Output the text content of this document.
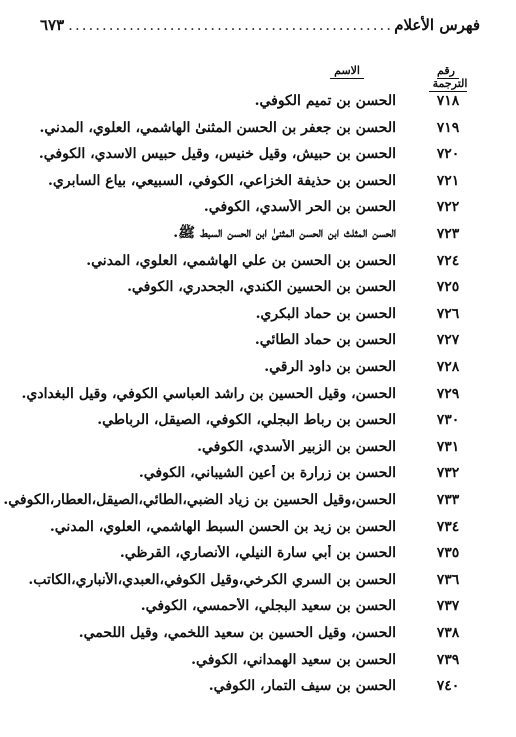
فهرس الأعلام
.....
٦٧٣
رقم الترجمة
الاسم
٧١٨
الحسن بن تميم الكوفي.
٧١٩
الحسن بن جعفر بن الحسن المثنىٰ الهاشمي، العلوي، المدني.
٧٢٠
الحسن بن حبيش، وقيل خنيس، وقيل حبيس الاسدي، الكوفي.
٧٢١
الحسن بن حذيفة الخزاعي، الكوفي، السبيعي، بياع السابري.
٧٢٢
الحسن بن الحر الأسدي، الكوفي.
٧٢٣
الحسن المثلث ابن الحسن المثنىٰ ابن الحسن السبط ﷺ.
٧٢٤
الحسن بن الحسن بن علي الهاشمي، العلوي، المدني.
٧٢٥
الحسن بن الحسين الكندي، الجحدري، الكوفي.
٧٢٦
الحسن بن حماد البكري.
٧٢٧
الحسن بن حماد الطائي.
٧٢٨
الحسن بن داود الرقي.
٧٢٩
الحسن، وقيل الحسين بن راشد العباسي الكوفي، وقيل البغدادي.
٧٣٠
الحسن بن رباط البجلي، الكوفي، الصيقل، الرباطي.
٧٣١
الحسن بن الزبير الأسدي، الكوفي.
٧٣٢
الحسن بن زرارة بن أعين الشيباني، الكوفي.
٧٣٣
الحسن،وقيل الحسين بن زياد الضبي،الطائي،الصيقل،العطار،الكوفي.
٧٣٤
الحسن بن زيد بن الحسن السبط الهاشمي، العلوي، المدني.
٧٣٥
الحسن بن أبي سارة النيلي، الأنصاري، القرظي.
٧٣٦
الحسن بن السري الكرخي،وقيل الكوفي،العبدي،الأنباري،الكاتب.
٧٣٧
الحسن بن سعيد البجلي، الأحمسي، الكوفي.
٧٣٨
الحسن، وقيل الحسين بن سعيد اللخمي، وقيل اللحمي.
٧٣٩
الحسن بن سعيد الهمداني، الكوفي.
٧٤٠
الحسن بن سيف التمار، الكوفي.
